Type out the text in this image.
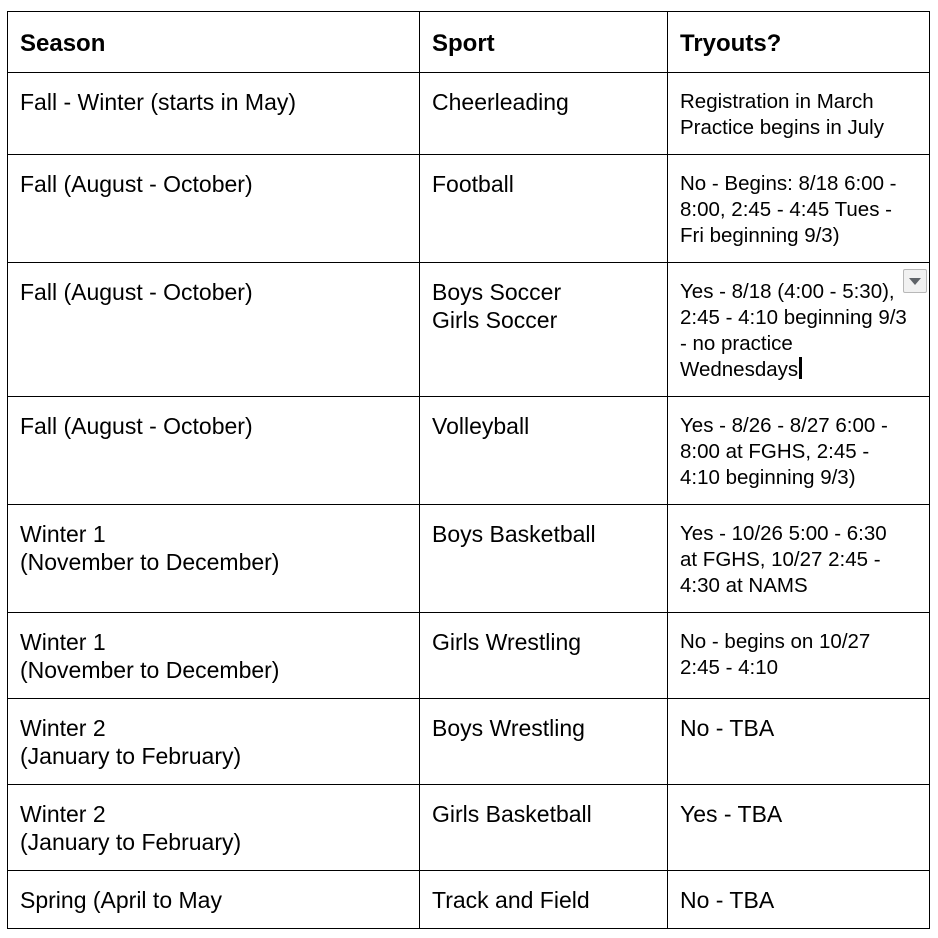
Season	Sport	Tryouts?

Fall - Winter (starts in May)	Cheerleading	Registration in March
Practice begins in July

Fall (August - October)	Football	No - Begins: 8/18 6:00 -
8:00, 2:45 - 4:45 Tues -
Fri beginning 9/3)

Fall (August - October)	Boys Soccer
Girls Soccer	Yes - 8/18 (4:00 - 5:30),
2:45 - 4:10 beginning 9/3
- no practice
Wednesdays

Fall (August - October)	Volleyball	Yes - 8/26 - 8/27 6:00 -
8:00 at FGHS, 2:45 -
4:10 beginning 9/3)

Winter 1
(November to December)	Boys Basketball	Yes - 10/26 5:00 - 6:30
at FGHS, 10/27 2:45 -
4:30 at NAMS

Winter 1
(November to December)	Girls Wrestling	No - begins on 10/27
2:45 - 4:10

Winter 2
(January to February)	Boys Wrestling	No - TBA

Winter 2
(January to February)	Girls Basketball	Yes - TBA

Spring (April to May	Track and Field	No - TBA
